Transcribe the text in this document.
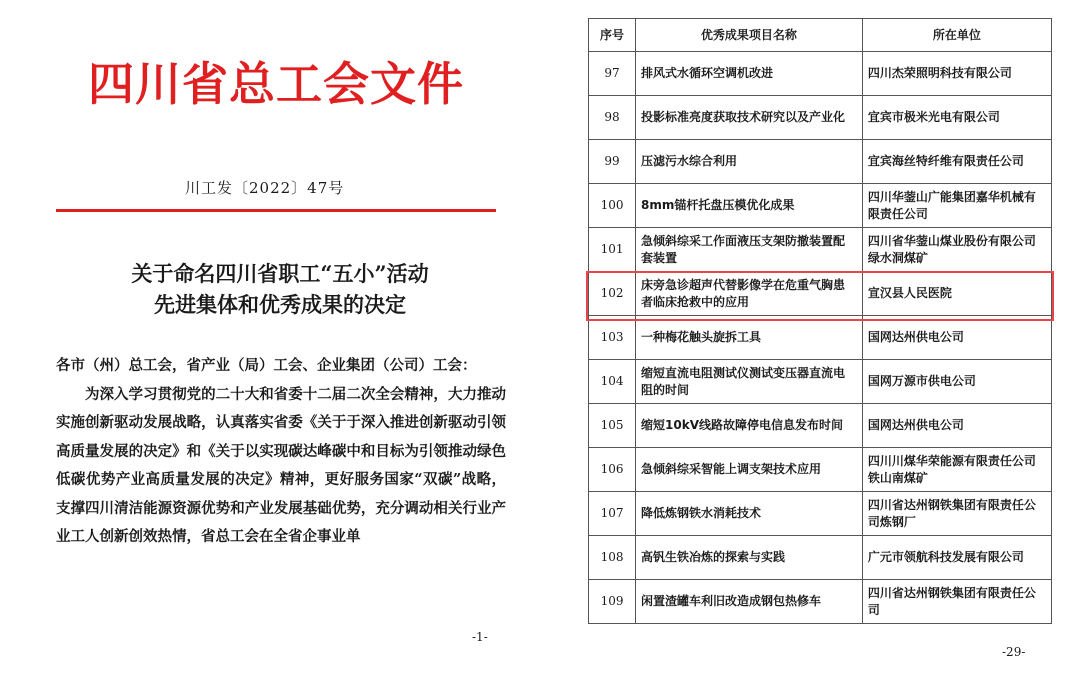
四川省总工会文件
川工发〔2022〕47号
关于命名四川省职工“五小”活动
先进集体和优秀成果的决定

各市（州）总工会，省产业（局）工会、企业集团（公司）工会：

为深入学习贯彻党的二十大和省委十二届二次全会精神，大力推动实施创新驱动发展战略，认真落实省委《关于于深入推进创新驱动引领高质量发展的决定》和《关于以实现碳达峰碳中和目标为引领推动绿色低碳优势产业高质量发展的决定》精神，更好服务国家“双碳”战略，支撑四川清洁能源资源优势和产业发展基础优势，充分调动相关行业产业工人创新创效热情，省总工会在全省企事业单

-1-
序号	优秀成果项目名称	所在单位
97	排风式水循环空调机改进	四川杰荣照明科技有限公司
98	投影标准亮度获取技术研究以及产业化	宜宾市极米光电有限公司
99	压滤污水综合利用	宜宾海丝特纤维有限责任公司
100	8mm锚杆托盘压模优化成果	四川华蓥山广能集团嘉华机械有限责任公司
101	急倾斜综采工作面液压支架防撤装置配套装置	四川省华蓥山煤业股份有限公司绿水洞煤矿
102	床旁急诊超声代替影像学在危重气胸患者临床抢救中的应用	宣汉县人民医院
103	一种梅花触头旋拆工具	国网达州供电公司
104	缩短直流电阻测试仪测试变压器直流电阻的时间	国网万源市供电公司
105	缩短10kV线路故障停电信息发布时间	国网达州供电公司
106	急倾斜综采智能上调支架技术应用	四川川煤华荣能源有限责任公司铁山南煤矿
107	降低炼钢铁水消耗技术	四川省达州钢铁集团有限责任公司炼钢厂
108	高钒生铁冶炼的探索与实践	广元市领航科技发展有限公司
109	闲置渣罐车利旧改造成钢包热修车	四川省达州钢铁集团有限责任公司
-29-
